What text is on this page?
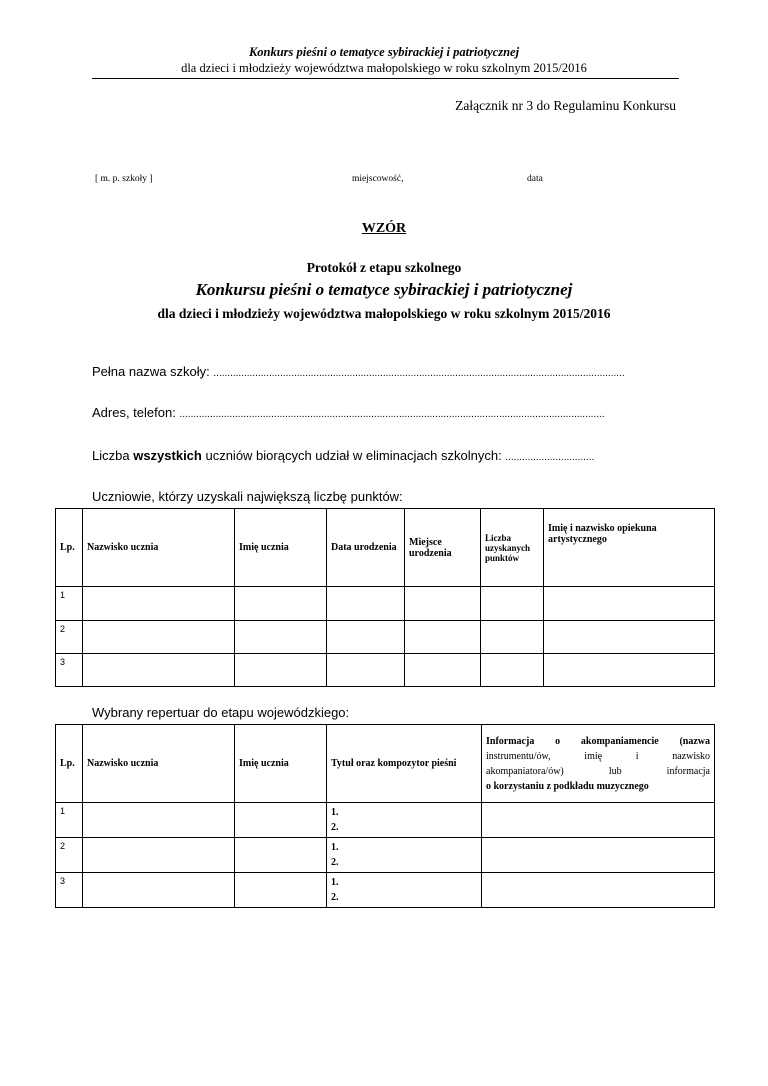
Konkurs pieśni o tematyce sybirackiej i patriotycznej
dla dzieci i młodzieży województwa małopolskiego w roku szkolnym 2015/2016
Załącznik nr 3 do Regulaminu Konkursu
[ m. p. szkoły ]	miejscowość,	data
WZÓR
Protokół z etapu szkolnego
Konkursu pieśni o tematyce sybirackiej i patriotycznej
dla dzieci i młodzieży województwa małopolskiego w roku szkolnym 2015/2016
Pełna nazwa szkoły: ....................................................................................................................................................
Adres, telefon: .........................................................................................................................................................
Liczba wszystkich uczniów biorących udział w eliminacjach szkolnych: ................................
Uczniowie, którzy uzyskali największą liczbę punktów:
Lp.	Nazwisko ucznia	Imię ucznia	Data urodzenia	Miejsce urodzenia	Liczba uzyskanych punktów	Imię i nazwisko opiekuna artystycznego
1						
2						
3						
Wybrany repertuar do etapu wojewódzkiego:
Lp.	Nazwisko ucznia	Imię ucznia	Tytuł oraz kompozytor pieśni	Informacja o akompaniamencie (nazwa
instrumentu/ów, imię i nazwisko
akompaniatora/ów) lub informacja
o korzystaniu z podkładu muzycznego

1			1.
2.	

2			1.
2.	

3			1.
2.	
